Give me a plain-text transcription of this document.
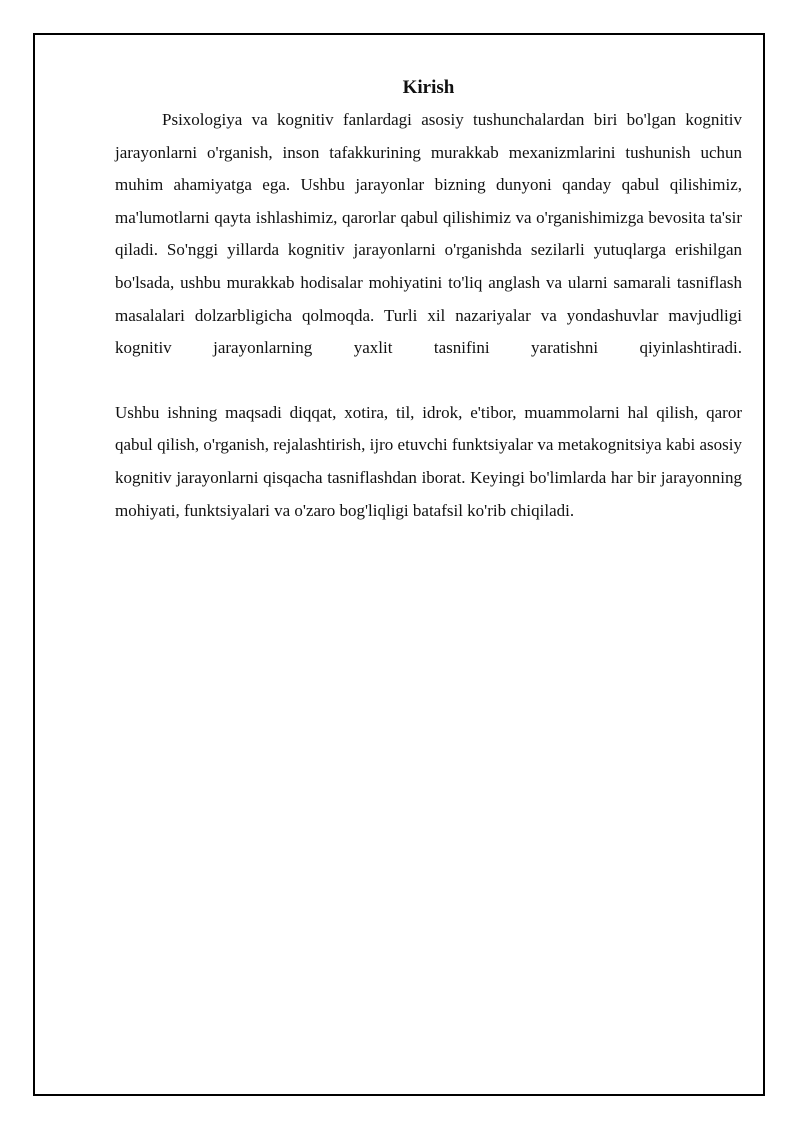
Kirish

Psixologiya va kognitiv fanlardagi asosiy tushunchalardan biri bo'lgan kognitiv jarayonlarni o'rganish, inson tafakkurining murakkab mexanizmlarini tushunish uchun muhim ahamiyatga ega. Ushbu jarayonlar bizning dunyoni qanday qabul qilishimiz, ma'lumotlarni qayta ishlashimiz, qarorlar qabul qilishimiz va o'rganishimizga bevosita ta'sir qiladi. So'nggi yillarda kognitiv jarayonlarni o'rganishda sezilarli yutuqlarga erishilgan bo'lsada, ushbu murakkab hodisalar mohiyatini to'liq anglash va ularni samarali tasniflash masalalari dolzarbligicha qolmoqda. Turli xil nazariyalar va yondashuvlar mavjudligi kognitiv jarayonlarning yaxlit tasnifini yaratishni qiyinlashtiradi.

Ushbu ishning maqsadi diqqat, xotira, til, idrok, e'tibor, muammolarni hal qilish, qaror qabul qilish, o'rganish, rejalashtirish, ijro etuvchi funktsiyalar va metakognitsiya kabi asosiy kognitiv jarayonlarni qisqacha tasniflashdan iborat. Keyingi bo'limlarda har bir jarayonning mohiyati, funktsiyalari va o'zaro bog'liqligi batafsil ko'rib chiqiladi.
